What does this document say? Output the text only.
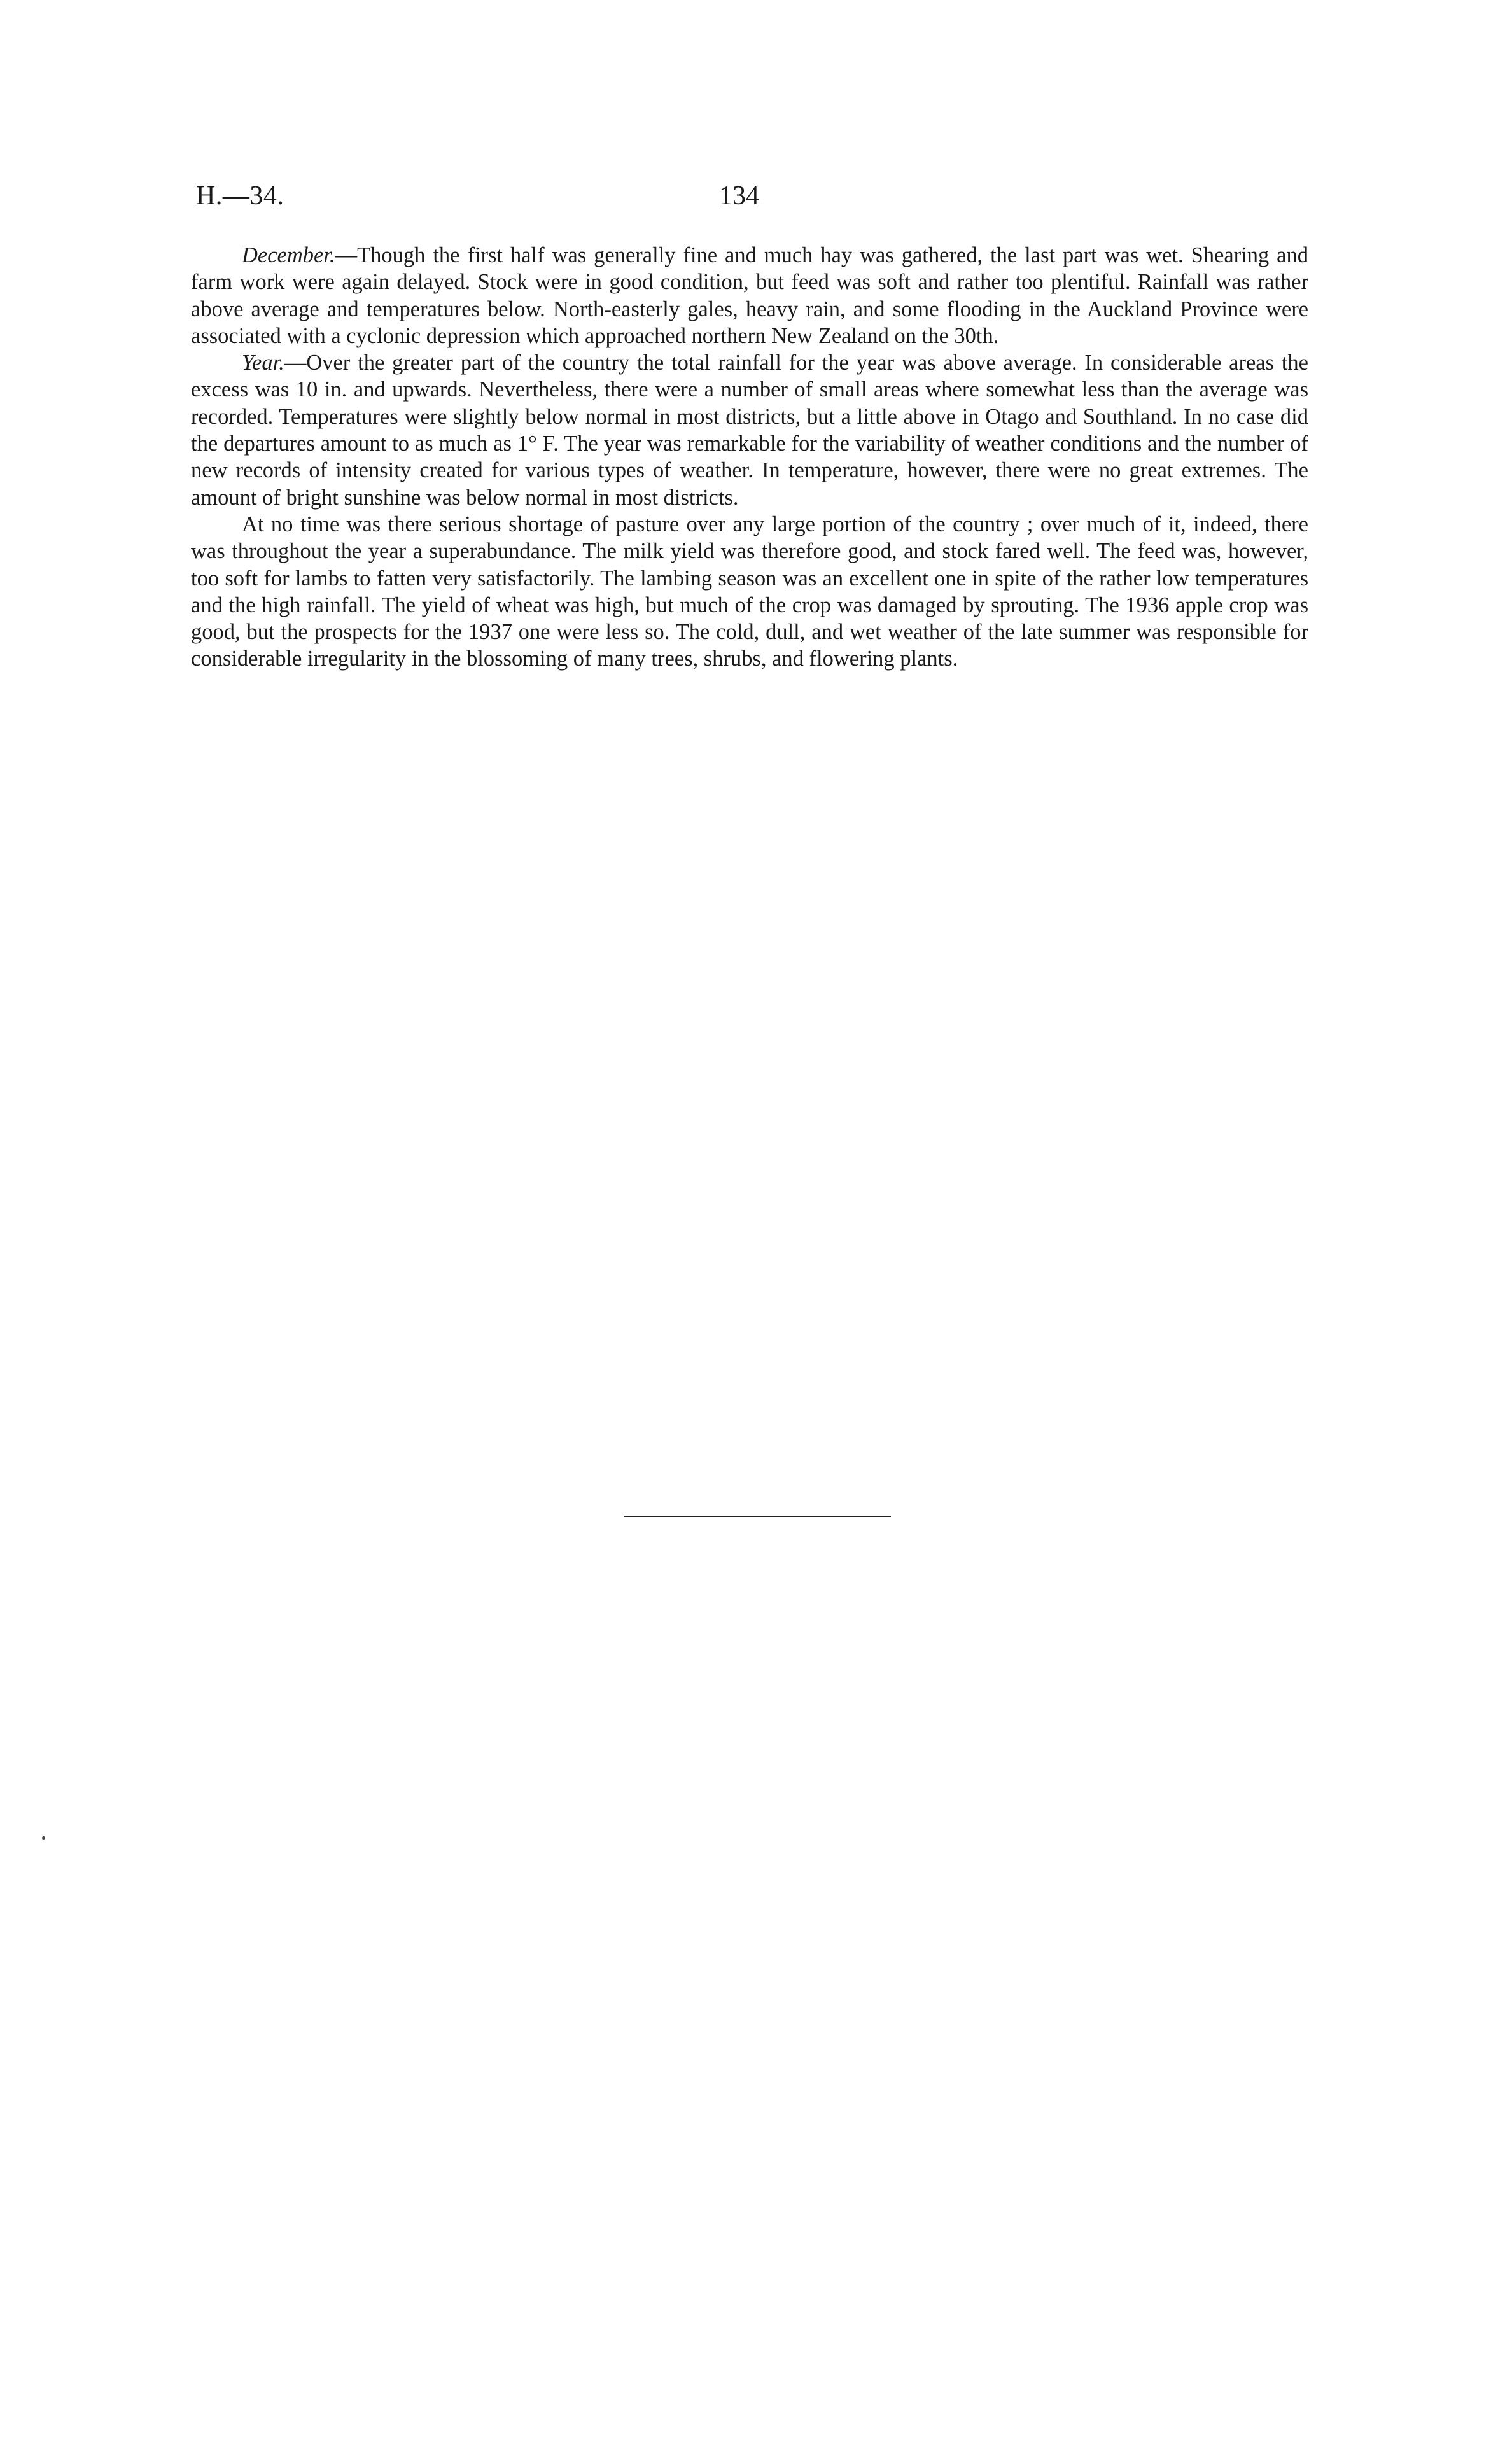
H.—34.	134

December.—Though the first half was generally fine and much hay was gathered, the last part was wet. Shearing and farm work were again delayed. Stock were in good condition, but feed was soft and rather too plentiful. Rainfall was rather above average and temperatures below. North-easterly gales, heavy rain, and some flooding in the Auckland Province were associated with a cyclonic depression which approached northern New Zealand on the 30th.

Year.—Over the greater part of the country the total rainfall for the year was above average. In considerable areas the excess was 10 in. and upwards. Nevertheless, there were a number of small areas where somewhat less than the average was recorded. Temperatures were slightly below normal in most districts, but a little above in Otago and Southland. In no case did the departures amount to as much as 1° F. The year was remarkable for the variability of weather conditions and the number of new records of intensity created for various types of weather. In temperature, however, there were no great extremes. The amount of bright sunshine was below normal in most districts.

At no time was there serious shortage of pasture over any large portion of the country ; over much of it, indeed, there was throughout the year a superabundance. The milk yield was therefore good, and stock fared well. The feed was, however, too soft for lambs to fatten very satisfactorily. The lambing season was an excellent one in spite of the rather low temperatures and the high rainfall. The yield of wheat was high, but much of the crop was damaged by sprouting. The 1936 apple crop was good, but the prospects for the 1937 one were less so. The cold, dull, and wet weather of the late summer was responsible for considerable irregularity in the blossoming of many trees, shrubs, and flowering plants.
